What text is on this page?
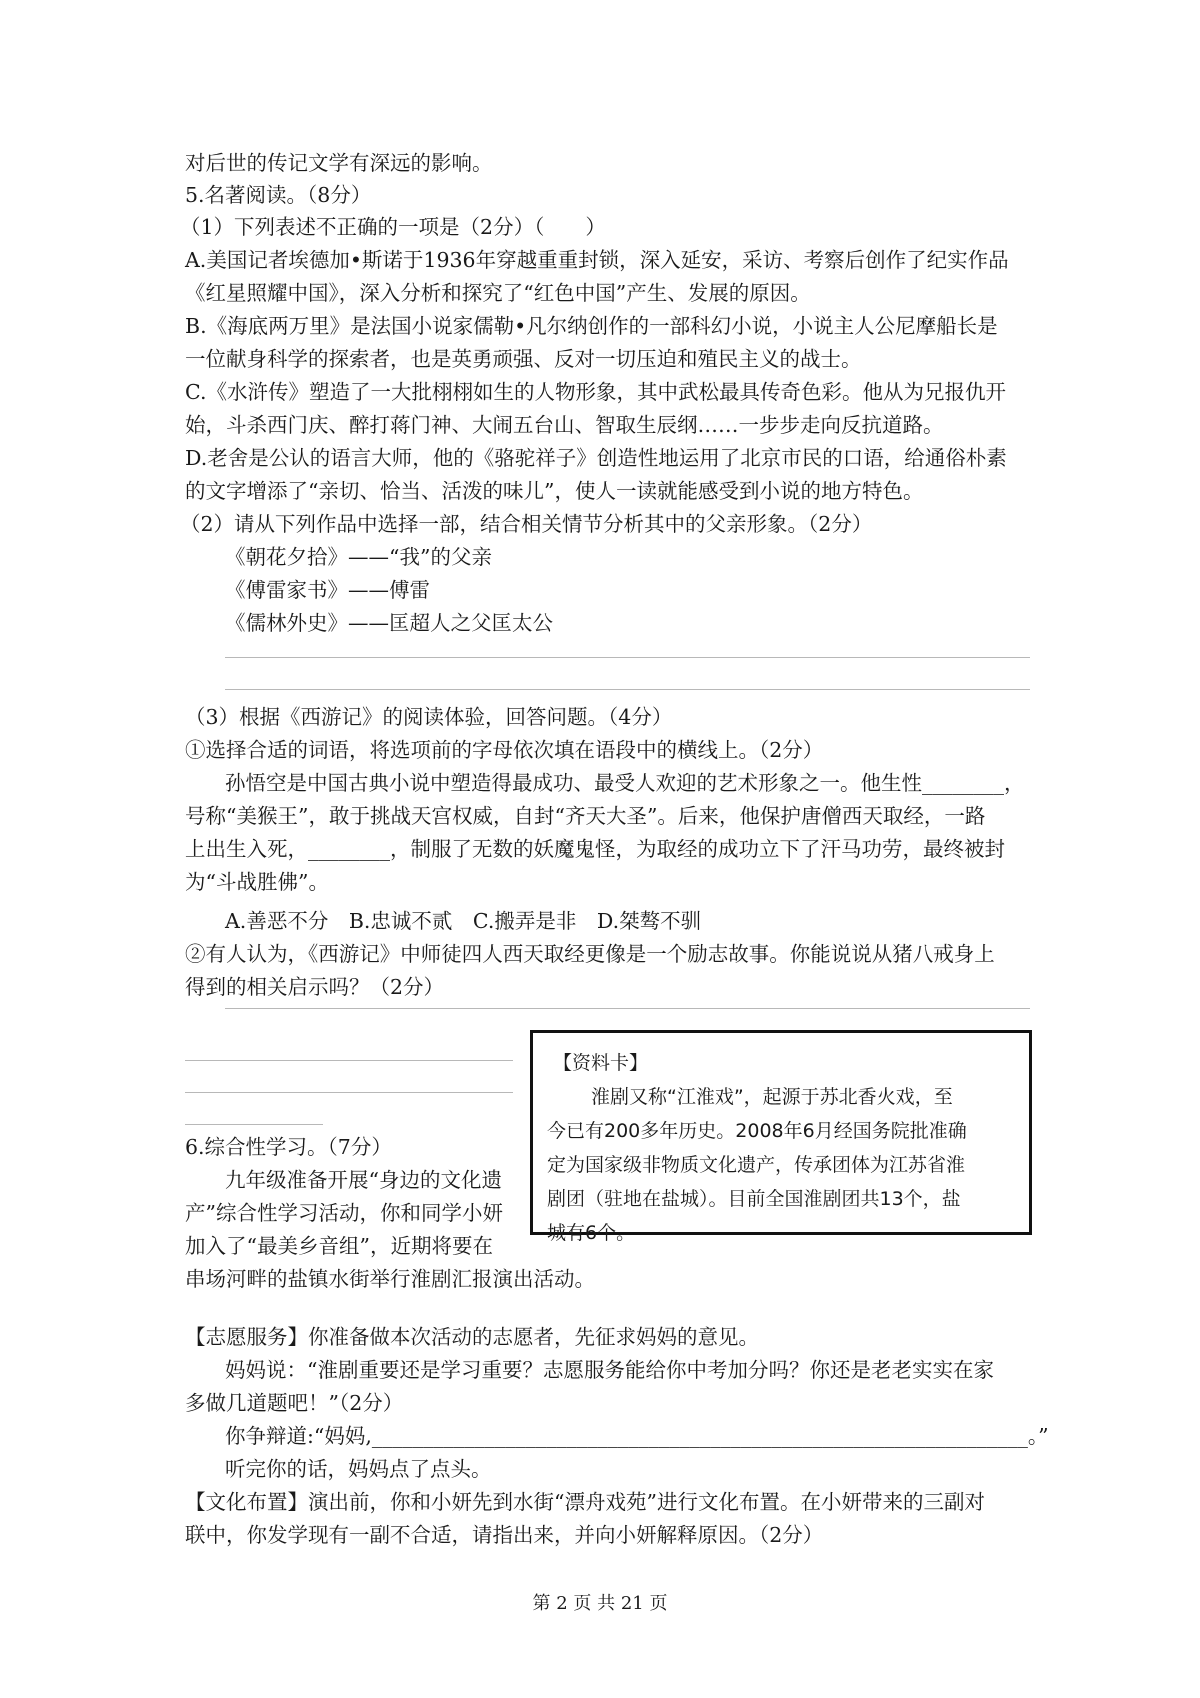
对后世的传记文学有深远的影响。
5.名著阅读。（8分）
（1）下列表述不正确的一项是（2分）（　　）
A.美国记者埃德加•斯诺于1936年穿越重重封锁，深入延安，采访、考察后创作了纪实作品
《红星照耀中国》，深入分析和探究了“红色中国”产生、发展的原因。
B.《海底两万里》是法国小说家儒勒•凡尔纳创作的一部科幻小说，小说主人公尼摩船长是
一位献身科学的探索者，也是英勇顽强、反对一切压迫和殖民主义的战士。
C.《水浒传》塑造了一大批栩栩如生的人物形象，其中武松最具传奇色彩。他从为兄报仇开
始，斗杀西门庆、醉打蒋门神、大闹五台山、智取生辰纲……一步步走向反抗道路。
D.老舍是公认的语言大师，他的《骆驼祥子》创造性地运用了北京市民的口语，给通俗朴素
的文字增添了“亲切、恰当、活泼的味儿”，使人一读就能感受到小说的地方特色。
（2）请从下列作品中选择一部，结合相关情节分析其中的父亲形象。（2分）
《朝花夕拾》——“我”的父亲
《傅雷家书》——傅雷
《儒林外史》——匡超人之父匡太公
（3）根据《西游记》的阅读体验，回答问题。（4分）
①选择合适的词语，将选项前的字母依次填在语段中的横线上。（2分）
孙悟空是中国古典小说中塑造得最成功、最受人欢迎的艺术形象之一。他生性________，
号称“美猴王”，敢于挑战天宫权威，自封“齐天大圣”。后来，他保护唐僧西天取经，一路
上出生入死，________，制服了无数的妖魔鬼怪，为取经的成功立下了汗马功劳，最终被封
为“斗战胜佛”。
A.善恶不分　B.忠诚不贰　C.搬弄是非　D.桀骜不驯
②有人认为，《西游记》中师徒四人西天取经更像是一个励志故事。你能说说从猪八戒身上
得到的相关启示吗？（2分）
6.综合性学习。（7分）
九年级准备开展“身边的文化遗
产”综合性学习活动，你和同学小妍
加入了“最美乡音组”，近期将要在
串场河畔的盐镇水街举行淮剧汇报演出活动。
【资料卡】
淮剧又称“江淮戏”，起源于苏北香火戏，至
今已有200多年历史。2008年6月经国务院批准确
定为国家级非物质文化遗产，传承团体为江苏省淮
剧团（驻地在盐城）。目前全国淮剧团共13个，盐
城有6个。
【志愿服务】你准备做本次活动的志愿者，先征求妈妈的意见。
妈妈说：“淮剧重要还是学习重要？志愿服务能给你中考加分吗？你还是老老实实在家
多做几道题吧！”（2分）
你争辩道:“妈妈,________________________________________________________________。”
听完你的话，妈妈点了点头。
【文化布置】演出前，你和小妍先到水街“漂舟戏苑”进行文化布置。在小妍带来的三副对
联中，你发学现有一副不合适，请指出来，并向小妍解释原因。（2分）
第 2 页 共 21 页
